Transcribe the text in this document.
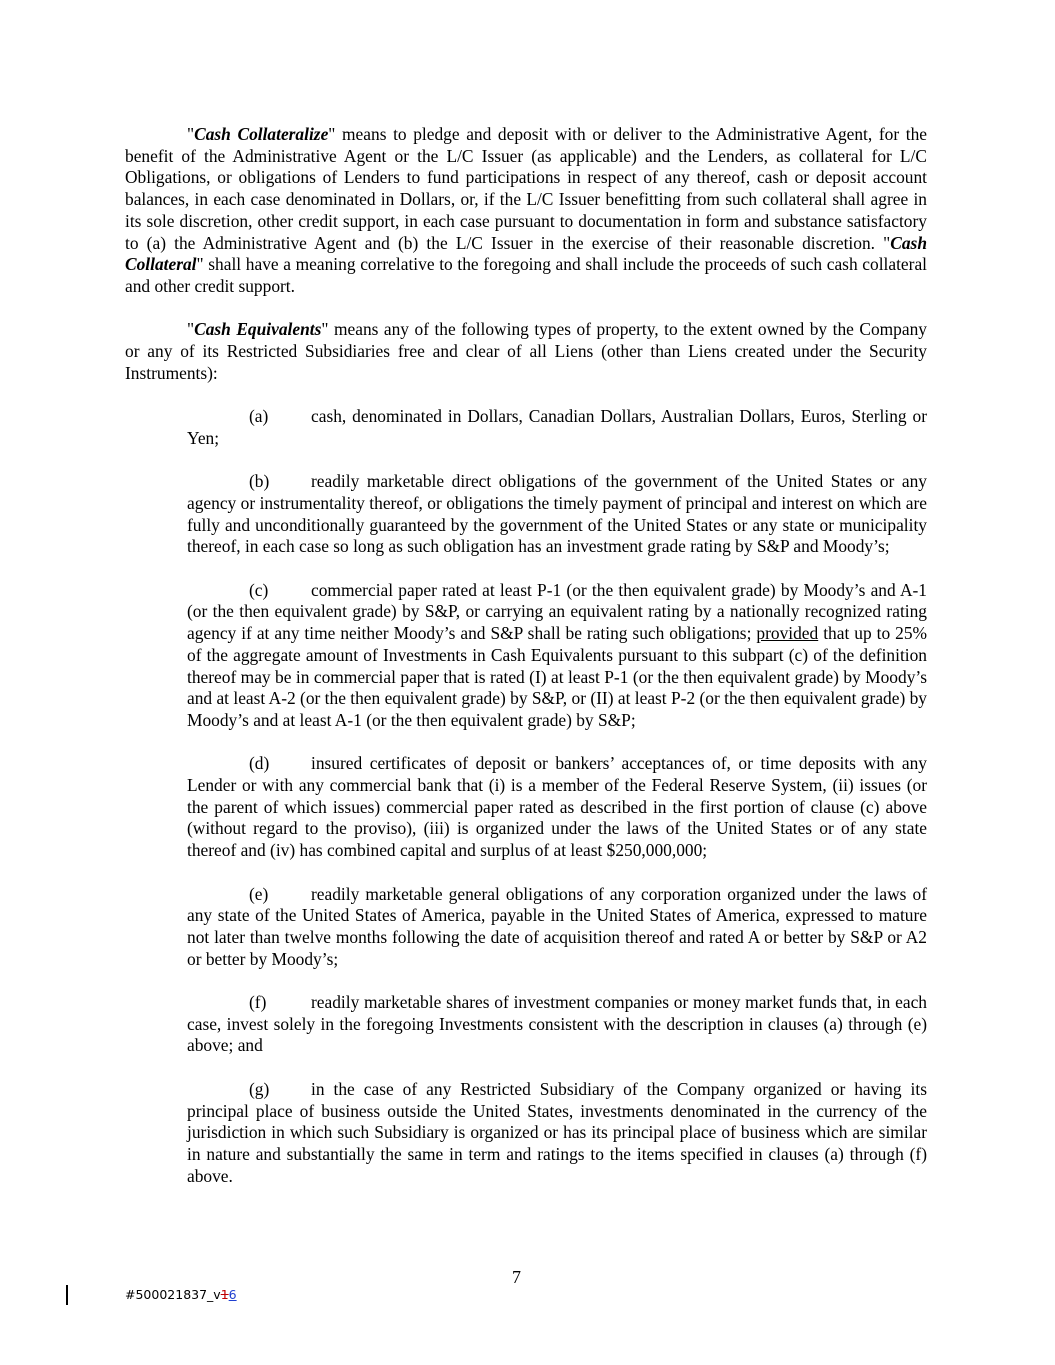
"Cash Collateralize" means to pledge and deposit with or deliver to the Administrative Agent, for the benefit of the Administrative Agent or the L/C Issuer (as applicable) and the Lenders, as collateral for L/C Obligations, or obligations of Lenders to fund participations in respect of any thereof, cash or deposit account balances, in each case denominated in Dollars, or, if the L/C Issuer benefitting from such collateral shall agree in its sole discretion, other credit support, in each case pursuant to documentation in form and substance satisfactory to (a) the Administrative Agent and (b) the L/C Issuer in the exercise of their reasonable discretion. "Cash Collateral" shall have a meaning correlative to the foregoing and shall include the proceeds of such cash collateral and other credit support.

"Cash Equivalents" means any of the following types of property, to the extent owned by the Company or any of its Restricted Subsidiaries free and clear of all Liens (other than Liens created under the Security Instruments):

(a) cash, denominated in Dollars, Canadian Dollars, Australian Dollars, Euros, Sterling or Yen;

(b) readily marketable direct obligations of the government of the United States or any agency or instrumentality thereof, or obligations the timely payment of principal and interest on which are fully and unconditionally guaranteed by the government of the United States or any state or municipality thereof, in each case so long as such obligation has an investment grade rating by S&P and Moody’s;

(c) commercial paper rated at least P-1 (or the then equivalent grade) by Moody’s and A-1 (or the then equivalent grade) by S&P, or carrying an equivalent rating by a nationally recognized rating agency if at any time neither Moody’s and S&P shall be rating such obligations; provided that up to 25% of the aggregate amount of Investments in Cash Equivalents pursuant to this subpart (c) of the definition thereof may be in commercial paper that is rated (I) at least P-1 (or the then equivalent grade) by Moody’s and at least A-2 (or the then equivalent grade) by S&P, or (II) at least P-2 (or the then equivalent grade) by Moody’s and at least A-1 (or the then equivalent grade) by S&P;

(d) insured certificates of deposit or bankers’ acceptances of, or time deposits with any Lender or with any commercial bank that (i) is a member of the Federal Reserve System, (ii) issues (or the parent of which issues) commercial paper rated as described in the first portion of clause (c) above (without regard to the proviso), (iii) is organized under the laws of the United States or of any state thereof and (iv) has combined capital and surplus of at least $250,000,000;

(e) readily marketable general obligations of any corporation organized under the laws of any state of the United States of America, payable in the United States of America, expressed to mature not later than twelve months following the date of acquisition thereof and rated A or better by S&P or A2 or better by Moody’s;

(f)	readily marketable shares of investment companies or money market funds that, in each case, invest solely in the foregoing Investments consistent with the description in clauses (a) through (e) above; and

(g) in the case of any Restricted Subsidiary of the Company organized or having its principal place of business outside the United States, investments denominated in the currency of the jurisdiction in which such Subsidiary is organized or has its principal place of business which are similar in nature and substantially the same in term and ratings to the items specified in clauses (a) through (f) above.

7
#500021837_v16
